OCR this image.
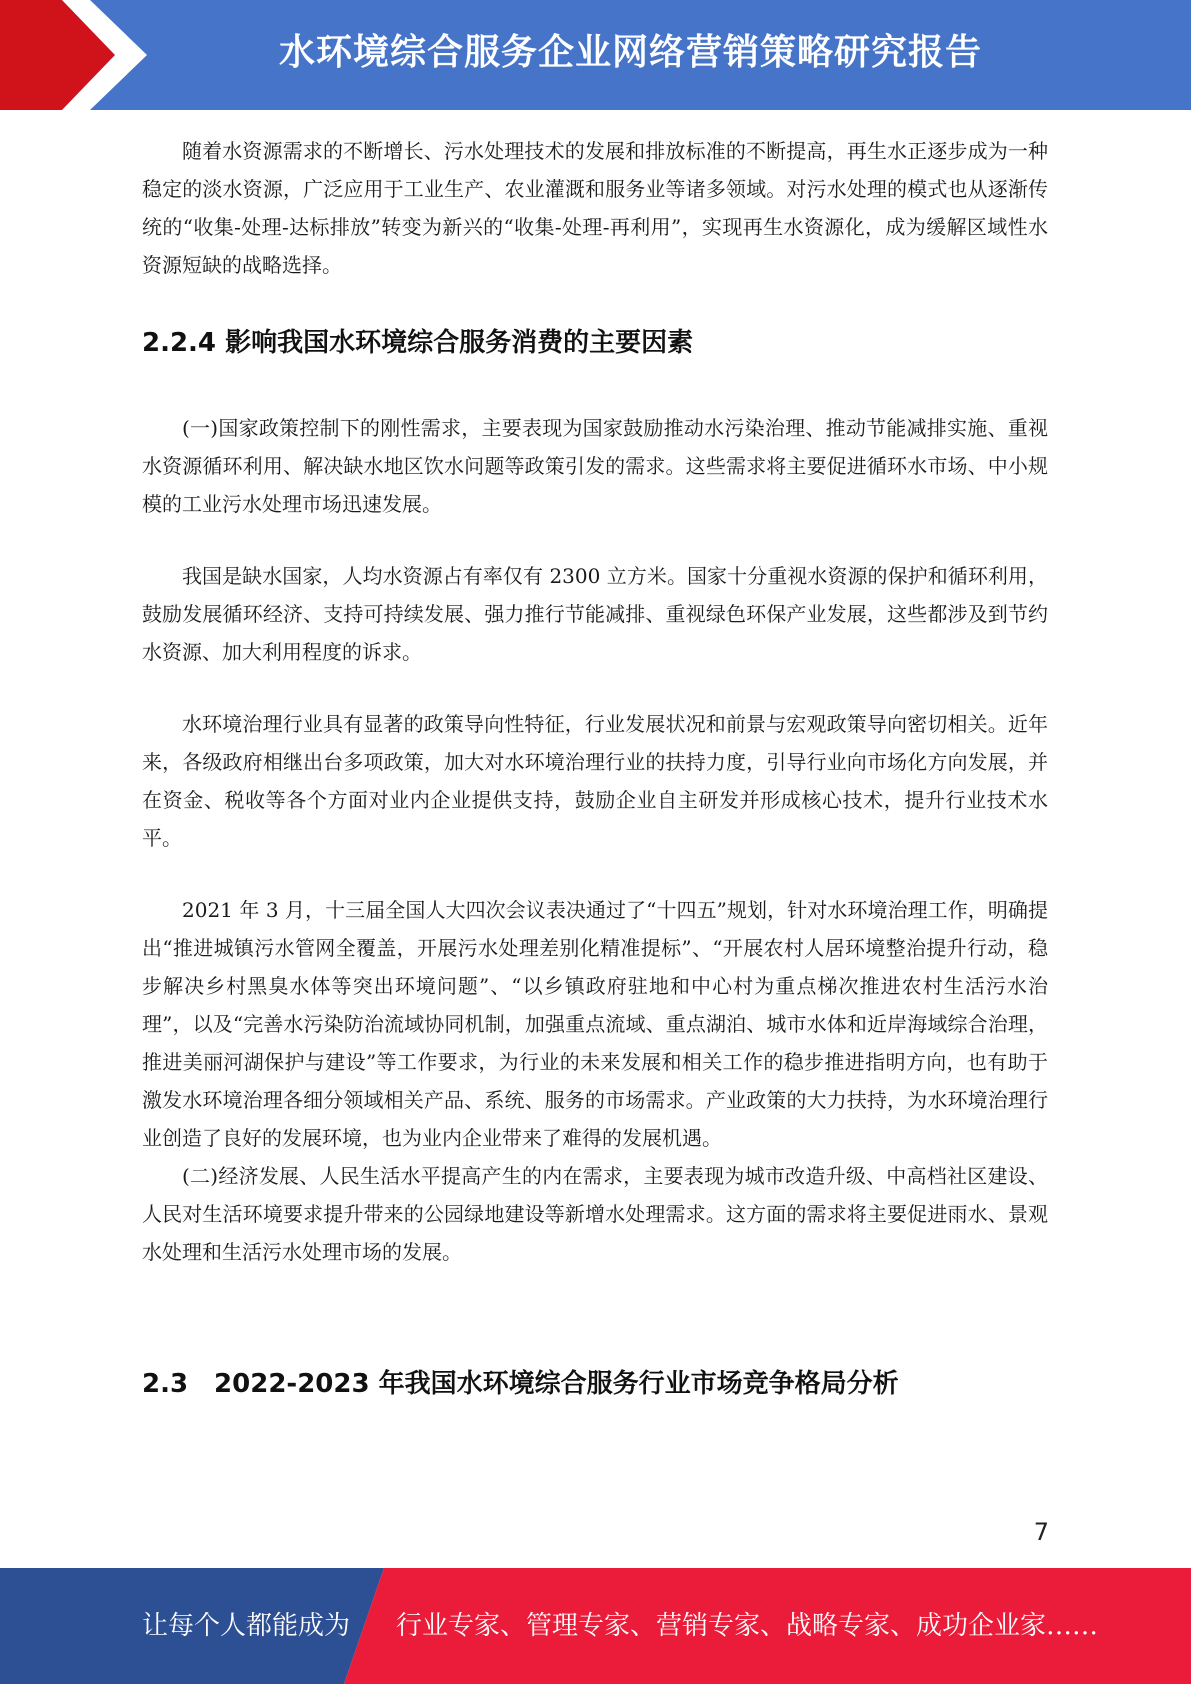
水环境综合服务企业网络营销策略研究报告

随着水资源需求的不断增长、污水处理技术的发展和排放标准的不断提高，再生水正逐步成为一种稳定的淡水资源，广泛应用于工业生产、农业灌溉和服务业等诸多领域。对污水处理的模式也从逐渐传统的“收集-处理-达标排放”转变为新兴的“收集-处理-再利用”，实现再生水资源化，成为缓解区域性水资源短缺的战略选择。

2.2.4 影响我国水环境综合服务消费的主要因素

(一)国家政策控制下的刚性需求，主要表现为国家鼓励推动水污染治理、推动节能减排实施、重视水资源循环利用、解决缺水地区饮水问题等政策引发的需求。这些需求将主要促进循环水市场、中小规模的工业污水处理市场迅速发展。

我国是缺水国家，人均水资源占有率仅有 2300 立方米。国家十分重视水资源的保护和循环利用，鼓励发展循环经济、支持可持续发展、强力推行节能减排、重视绿色环保产业发展，这些都涉及到节约水资源、加大利用程度的诉求。

水环境治理行业具有显著的政策导向性特征，行业发展状况和前景与宏观政策导向密切相关。近年来，各级政府相继出台多项政策，加大对水环境治理行业的扶持力度，引导行业向市场化方向发展，并在资金、税收等各个方面对业内企业提供支持，鼓励企业自主研发并形成核心技术，提升行业技术水平。

2021 年 3 月，十三届全国人大四次会议表决通过了“十四五”规划，针对水环境治理工作，明确提出“推进城镇污水管网全覆盖，开展污水处理差别化精准提标”、“开展农村人居环境整治提升行动，稳步解决乡村黑臭水体等突出环境问题”、“以乡镇政府驻地和中心村为重点梯次推进农村生活污水治理”，以及“完善水污染防治流域协同机制，加强重点流域、重点湖泊、城市水体和近岸海域综合治理，推进美丽河湖保护与建设”等工作要求，为行业的未来发展和相关工作的稳步推进指明方向，也有助于激发水环境治理各细分领域相关产品、系统、服务的市场需求。产业政策的大力扶持，为水环境治理行业创造了良好的发展环境，也为业内企业带来了难得的发展机遇。

(二)经济发展、人民生活水平提高产生的内在需求，主要表现为城市改造升级、中高档社区建设、人民对生活环境要求提升带来的公园绿地建设等新增水处理需求。这方面的需求将主要促进雨水、景观水处理和生活污水处理市场的发展。

2.3　2022-2023 年我国水环境综合服务行业市场竞争格局分析
7
让每个人都能成为 行业专家、管理专家、营销专家、战略专家、成功企业家……
